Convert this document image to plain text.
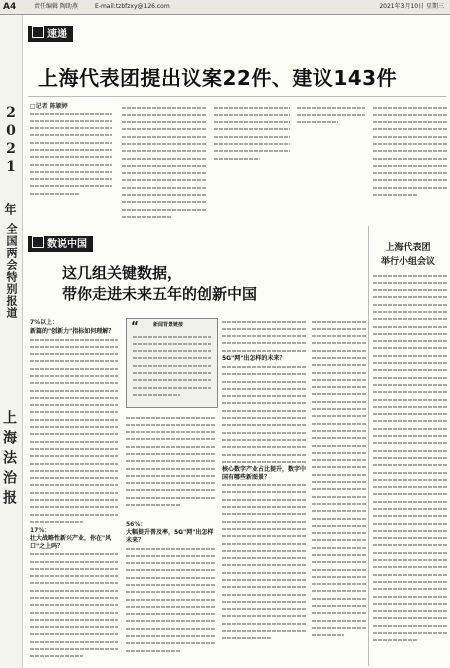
A4	责任编辑 陶助燕	E-mail:tzbfzxy@126.com	2021年3月10日 星期三
2021
年
全国两会特别报道
上海法治报
速递
上海代表团提出议案22件、建议143件
□记者 陈颖婷
数说中国
这几组关键数据，
带你走进未来五年的创新中国
7%以上：
新篇的"创新力"指标如何理解？
17%：
壮大战略性新兴产业，你在"风口"之上吗？
“	新闻背景链接
56%：
大幅提升普及率，5G"网"出怎样未来？
5G"网"出怎样的未来？
核心数字产业占比提升，数字中国有哪些新图景？
上海代表团
举行小组会议
